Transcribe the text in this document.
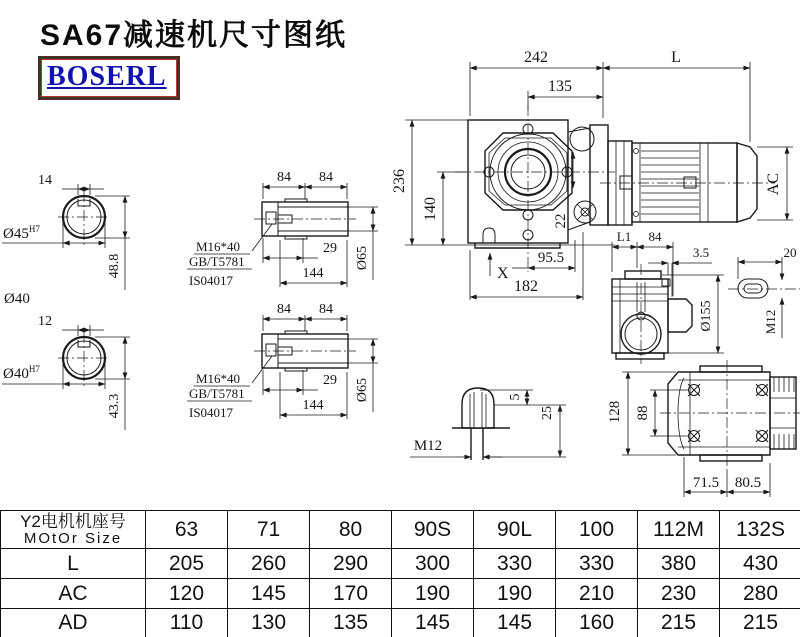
14
$Ø45^{H7}$
48.8
Ø40
12
$Ø40^{H7}$
43.3
84 84
29
144
Ø65
M16*40
GB/T5781
IS04017
84 84
29
144
Ø65
M16*40
GB/T5781
IS04017
242	L
135
236
140
AC
22
95.5
X
182
L1 84
3.5
Ø155
20
M12
128 88
71.5 80.5
M12
5
25
SA67减速机尺寸图纸
BOSERL
Y2电机机座号
MOtOr Size	63	71	80	90S	90L	100	112M	132S
L	205	260	290	300	330	330	380	430
AC	120	145	170	190	190	210	230	280
AD	110	130	135	145	145	160	215	215
